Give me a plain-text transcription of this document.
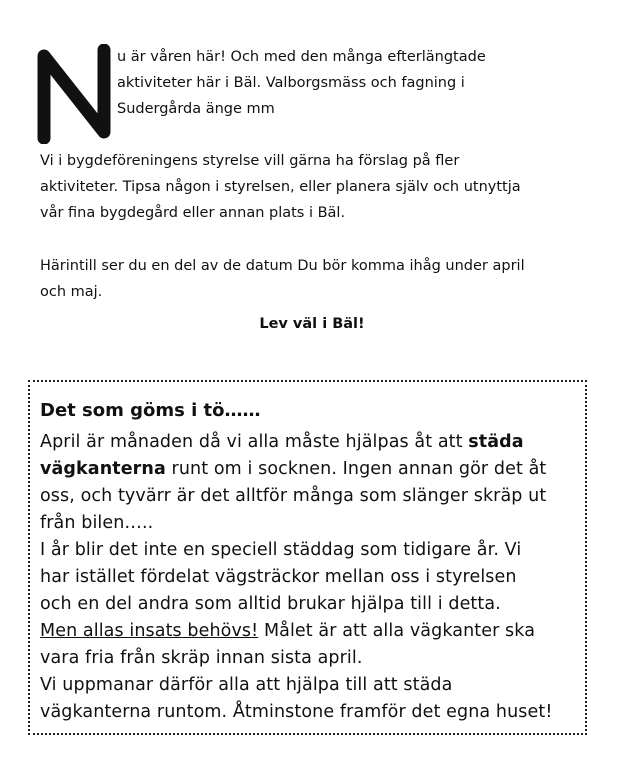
u är våren här! Och med den många efterlängtade
aktiviteter här i Bäl. Valborgsmäss och fagning i
Sudergårda änge mm
Vi i bygdeföreningens styrelse vill gärna ha förslag på fler
aktiviteter. Tipsa någon i styrelsen, eller planera själv och utnyttja
vår fina bygdegård eller annan plats i Bäl.
Härintill ser du en del av de datum Du bör komma ihåg under april
och maj.
Lev väl i Bäl!
Det som göms i tö……
April är månaden då vi alla måste hjälpas åt att städa
vägkanterna runt om i socknen. Ingen annan gör det åt
oss, och tyvärr är det alltför många som slänger skräp ut
från bilen…..
I år blir det inte en speciell städdag som tidigare år. Vi
har istället fördelat vägsträckor mellan oss i styrelsen
och en del andra som alltid brukar hjälpa till i detta.
Men allas insats behövs! Målet är att alla vägkanter ska
vara fria från skräp innan sista april.
Vi uppmanar därför alla att hjälpa till att städa
vägkanterna runtom. Åtminstone framför det egna huset!
